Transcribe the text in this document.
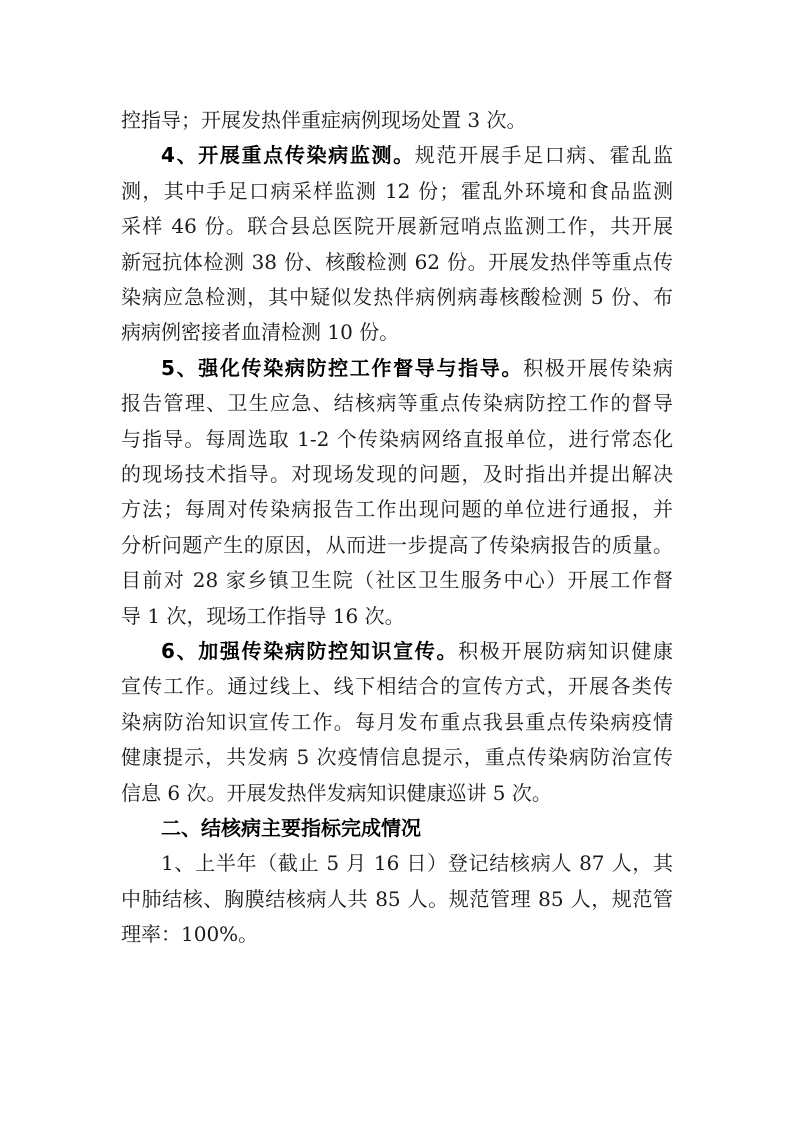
控指导；开展发热伴重症病例现场处置 3 次。
4、开展重点传染病监测。规范开展手足口病、霍乱监
测，其中手足口病采样监测 12 份；霍乱外环境和食品监测
采样 46 份。联合县总医院开展新冠哨点监测工作，共开展
新冠抗体检测 38 份、核酸检测 62 份。开展发热伴等重点传
染病应急检测，其中疑似发热伴病例病毒核酸检测 5 份、布
病病例密接者血清检测 10 份。
5、强化传染病防控工作督导与指导。积极开展传染病
报告管理、卫生应急、结核病等重点传染病防控工作的督导
与指导。每周选取 1-2 个传染病网络直报单位，进行常态化
的现场技术指导。对现场发现的问题，及时指出并提出解决
方法；每周对传染病报告工作出现问题的单位进行通报，并
分析问题产生的原因，从而进一步提高了传染病报告的质量。
目前对 28 家乡镇卫生院（社区卫生服务中心）开展工作督
导 1 次，现场工作指导 16 次。
6、加强传染病防控知识宣传。积极开展防病知识健康
宣传工作。通过线上、线下相结合的宣传方式，开展各类传
染病防治知识宣传工作。每月发布重点我县重点传染病疫情
健康提示，共发病 5 次疫情信息提示，重点传染病防治宣传
信息 6 次。开展发热伴发病知识健康巡讲 5 次。
二、结核病主要指标完成情况
1、上半年（截止 5 月 16 日）登记结核病人 87 人，其
中肺结核、胸膜结核病人共 85 人。规范管理 85 人，规范管
理率：100%。
